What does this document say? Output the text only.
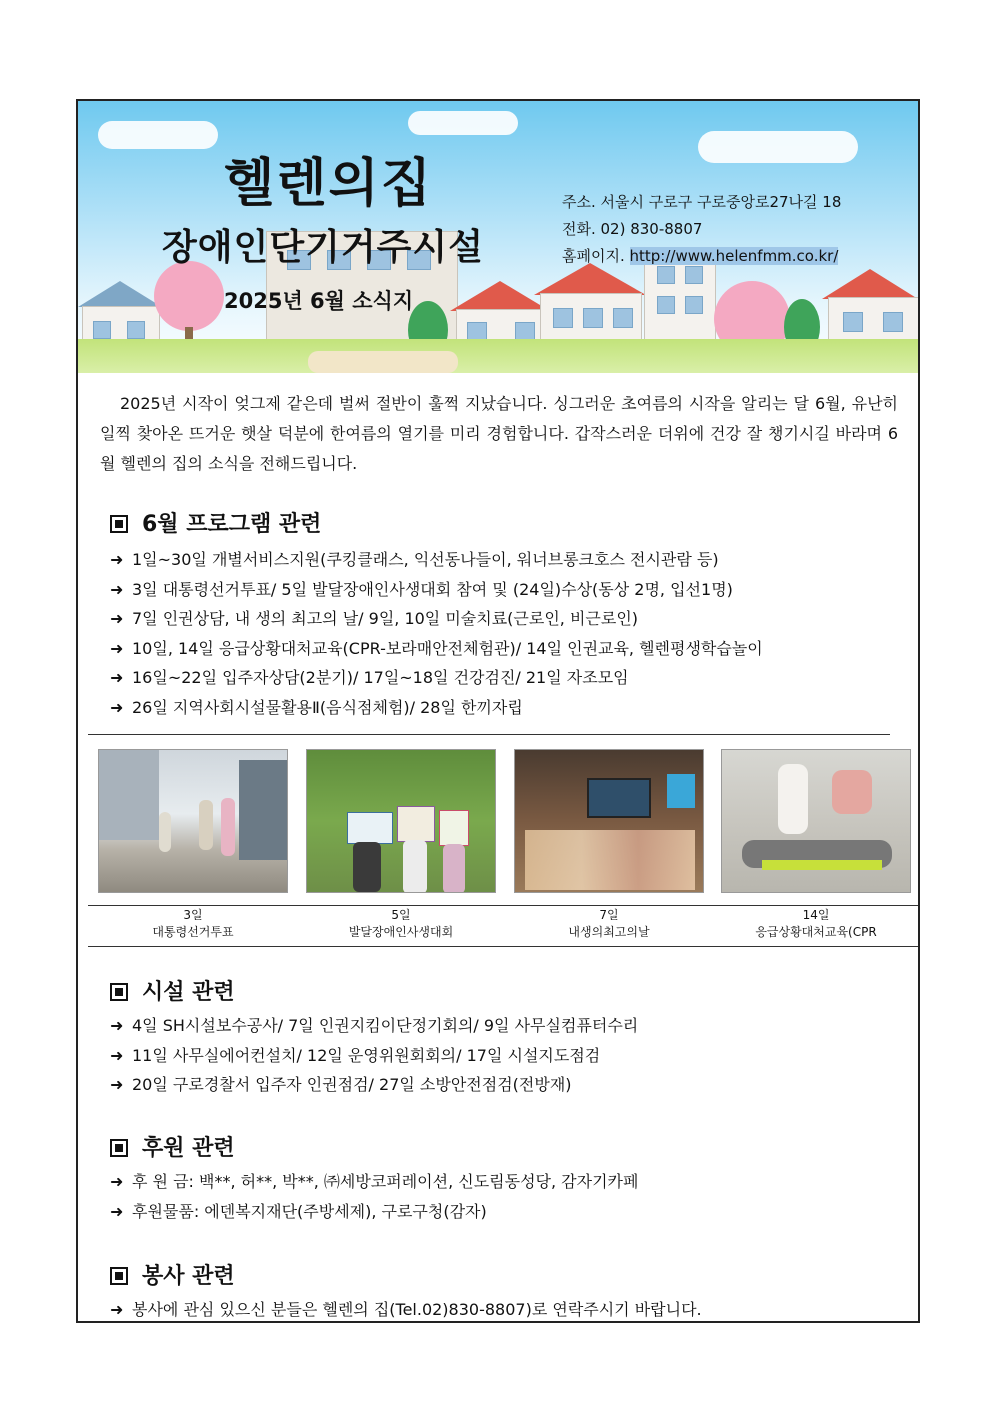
헬렌의집
장애인단기거주시설
2025년 6월 소식지
주소. 서울시 구로구 구로중앙로27나길 18
전화. 02) 830-8807
홈페이지. http://www.helenfmm.co.kr/

2025년 시작이 엊그제 같은데 벌써 절반이 훌쩍 지났습니다. 싱그러운 초여름의 시작을 알리는 달 6월, 유난히 일찍 찾아온 뜨거운 햇살 덕분에 한여름의 열기를 미리 경험합니다. 갑작스러운 더위에 건강 잘 챙기시길 바라며 6월 헬렌의 집의 소식을 전해드립니다.

6월 프로그램 관련
➜ 1일~30일 개별서비스지원(쿠킹클래스, 익선동나들이, 워너브롱크호스 전시관람 등)
➜ 3일 대통령선거투표/ 5일 발달장애인사생대회 참여 및 (24일)수상(동상 2명, 입선1명)
➜ 7일 인권상담, 내 생의 최고의 날/ 9일, 10일 미술치료(근로인, 비근로인)
➜ 10일, 14일 응급상황대처교육(CPR-보라매안전체험관)/ 14일 인권교육, 헬렌평생학습놀이
➜ 16일~22일 입주자상담(2분기)/ 17일~18일 건강검진/ 21일 자조모임
➜ 26일 지역사회시설물활용Ⅱ(음식점체험)/ 28일 한끼자립
3일
대통령선거투표
5일
발달장애인사생대회
7일
내생의최고의날
14일
응급상황대처교육(CPR
시설 관련
➜ 4일 SH시설보수공사/ 7일 인권지킴이단정기회의/ 9일 사무실컴퓨터수리
➜ 11일 사무실에어컨설치/ 12일 운영위원회회의/ 17일 시설지도점검
➜ 20일 구로경찰서 입주자 인권점검/ 27일 소방안전점검(전방재)
후원 관련
➜ 후 원 금: 백**, 허**, 박**, ㈜세방코퍼레이션, 신도림동성당, 감자기카페
➜ 후원물품: 에덴복지재단(주방세제), 구로구청(감자)
봉사 관련
➜ 봉사에 관심 있으신 분들은 헬렌의 집(Tel.02)830-8807)로 연락주시기 바랍니다.
